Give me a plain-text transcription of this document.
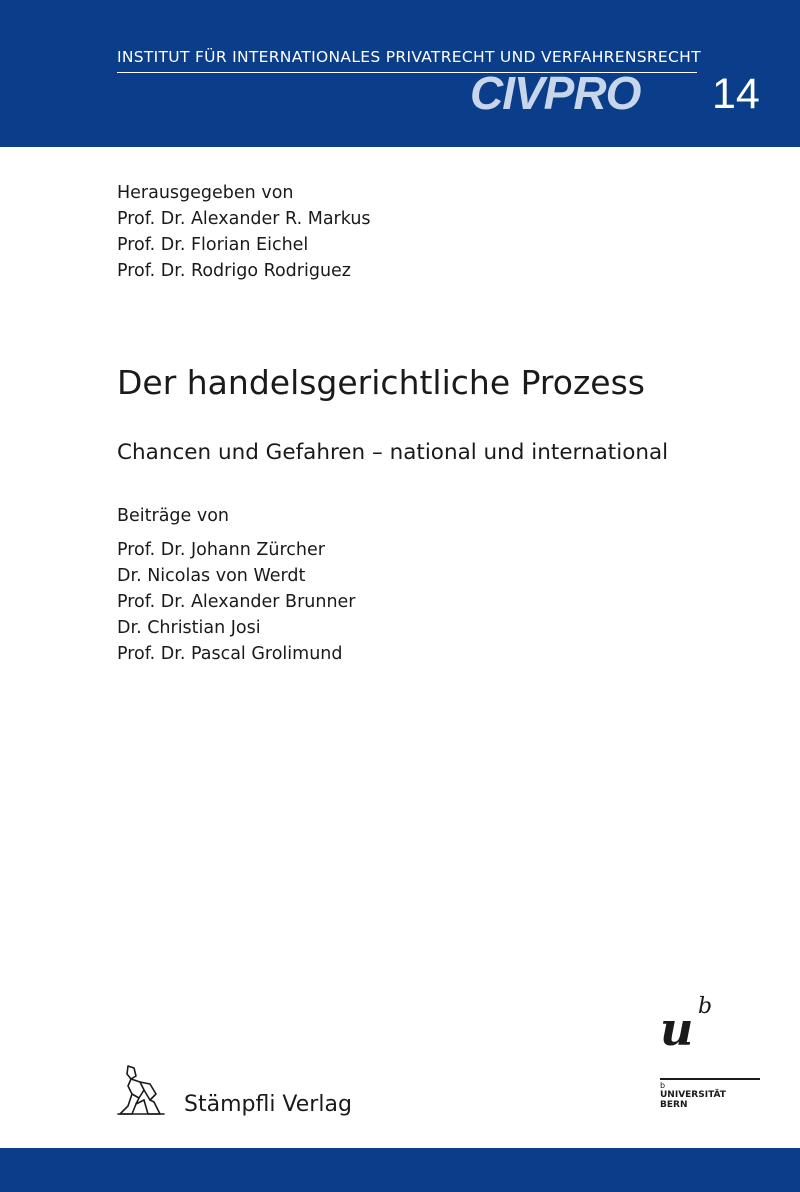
INSTITUT FÜR INTERNATIONALES PRIVATRECHT UND VERFAHRENSRECHT
CIVPRO 14
Herausgegeben von
Prof. Dr. Alexander R. Markus
Prof. Dr. Florian Eichel
Prof. Dr. Rodrigo Rodriguez
Der handelsgerichtliche Prozess
Chancen und Gefahren – national und international
Beiträge von
Prof. Dr. Johann Zürcher
Dr. Nicolas von Werdt
Prof. Dr. Alexander Brunner
Dr. Christian Josi
Prof. Dr. Pascal Grolimund
Stämpfli Verlag
u b
b
UNIVERSITÄT
BERN
